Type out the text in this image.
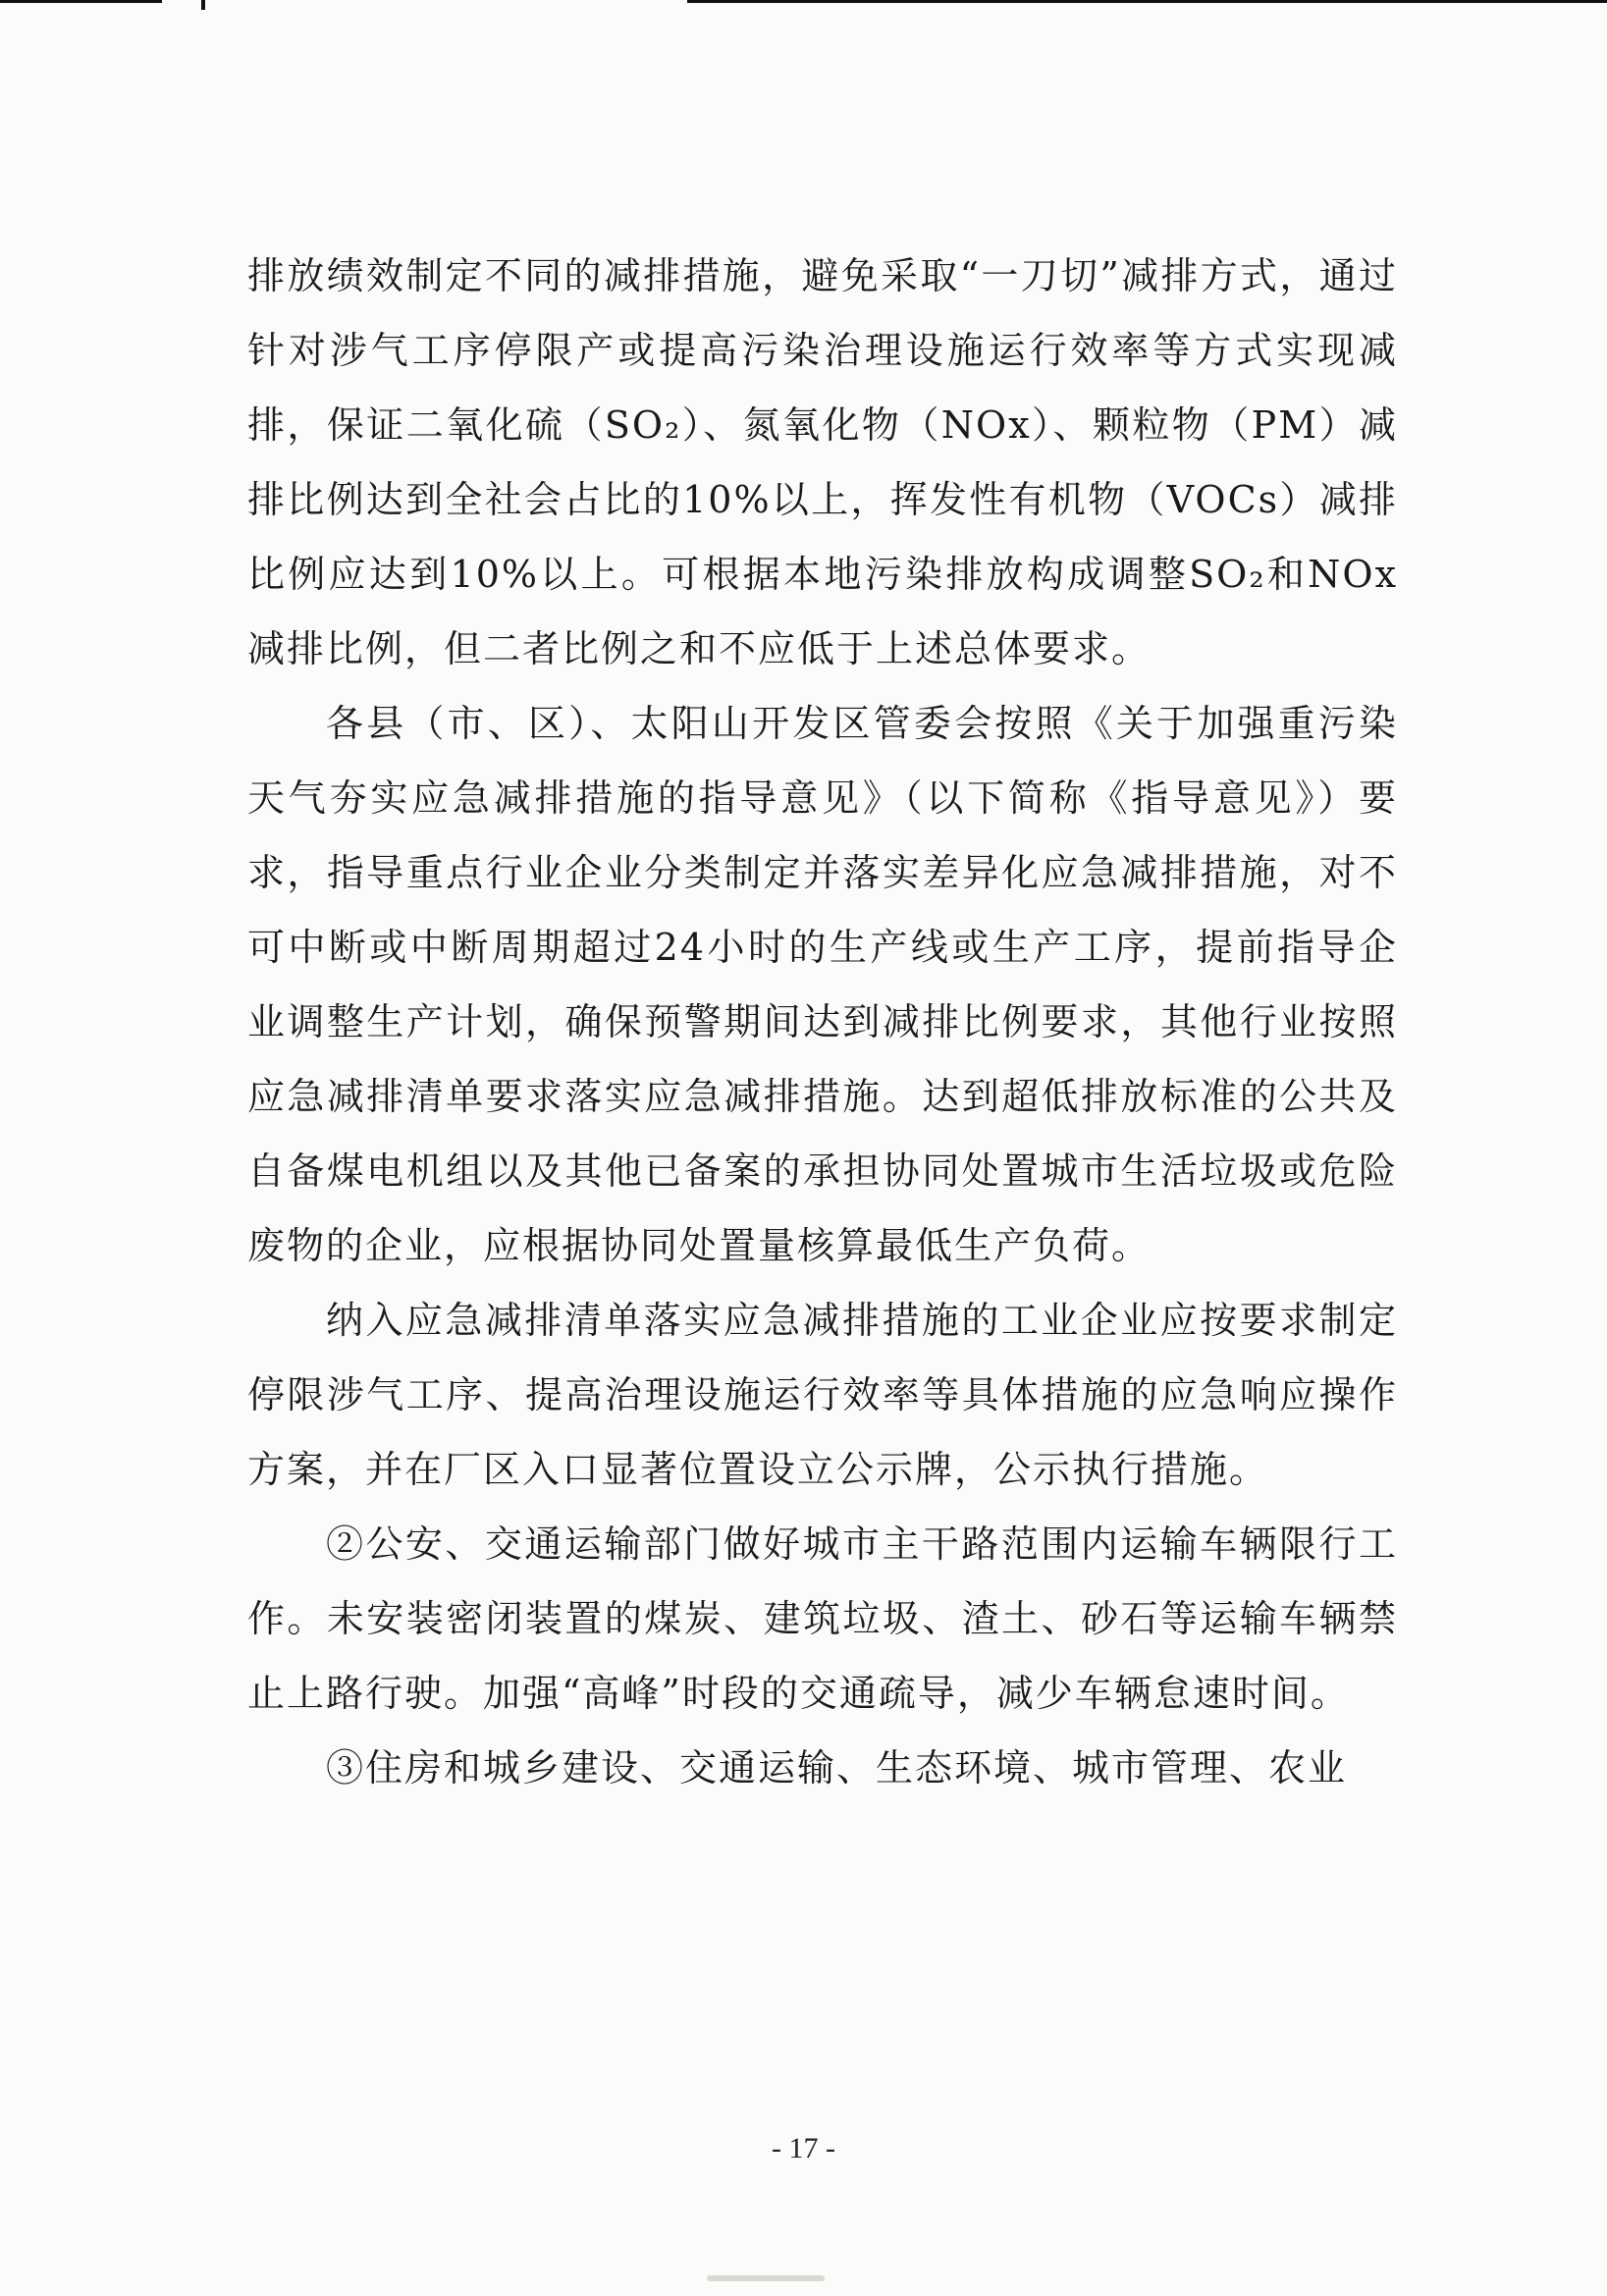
排放绩效制定不同的减排措施，避免采取“一刀切”减排方式，通过针对涉气工序停限产或提高污染治理设施运行效率等方式实现减排，保证二氧化硫（SO₂）、氮氧化物（NOx）、颗粒物（PM）减排比例达到全社会占比的10%以上，挥发性有机物（VOCs）减排比例应达到10%以上。可根据本地污染排放构成调整SO₂和NOx减排比例，但二者比例之和不应低于上述总体要求。

各县（市、区）、太阳山开发区管委会按照《关于加强重污染天气夯实应急减排措施的指导意见》（以下简称《指导意见》）要求，指导重点行业企业分类制定并落实差异化应急减排措施，对不可中断或中断周期超过24小时的生产线或生产工序，提前指导企业调整生产计划，确保预警期间达到减排比例要求，其他行业按照应急减排清单要求落实应急减排措施。达到超低排放标准的公共及自备煤电机组以及其他已备案的承担协同处置城市生活垃圾或危险废物的企业，应根据协同处置量核算最低生产负荷。

纳入应急减排清单落实应急减排措施的工业企业应按要求制定停限涉气工序、提高治理设施运行效率等具体措施的应急响应操作方案，并在厂区入口显著位置设立公示牌，公示执行措施。

②公安、交通运输部门做好城市主干路范围内运输车辆限行工作。未安装密闭装置的煤炭、建筑垃圾、渣土、砂石等运输车辆禁止上路行驶。加强“高峰”时段的交通疏导，减少车辆怠速时间。

③住房和城乡建设、交通运输、生态环境、城市管理、农业

- 17 -
